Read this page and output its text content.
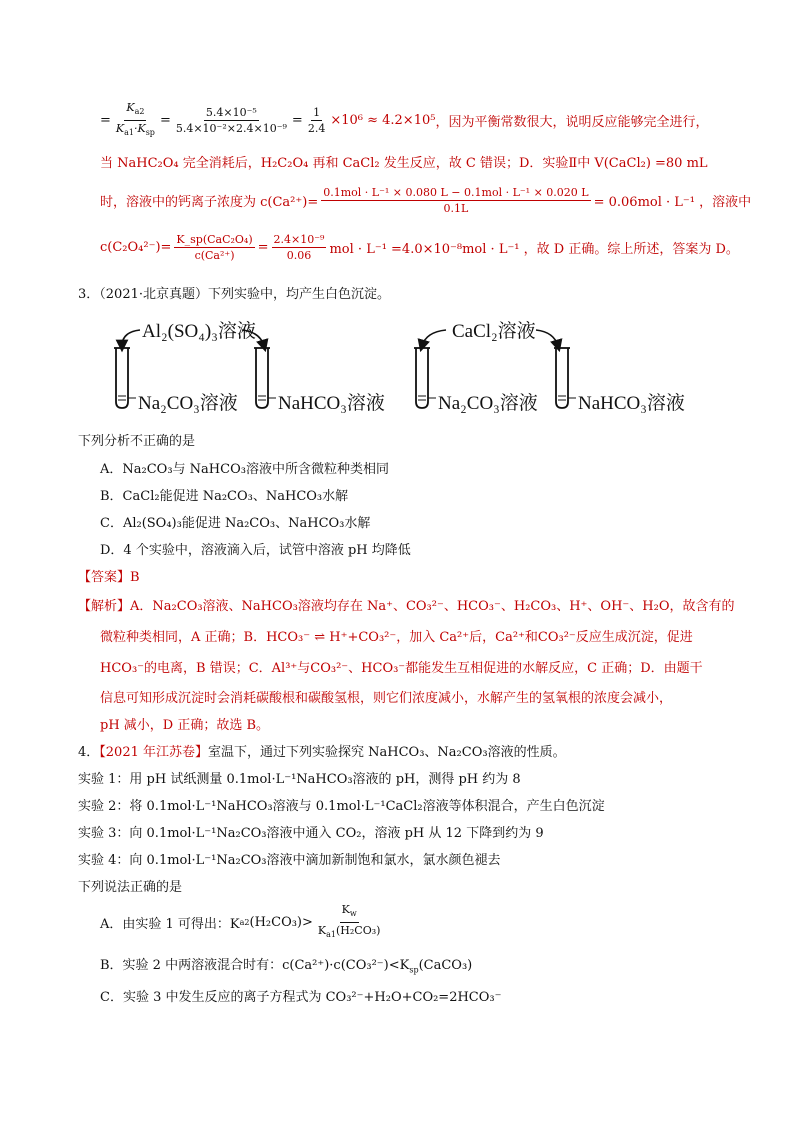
= $\frac{K_{a2}}{K_{a1}\cdot K_{sp}} = \frac{\text{5.4×10⁻⁵}}{\text{5.4×10⁻²×2.4×10⁻⁹}} = \frac{1}{2.4} \times 10^6 \approx 4.2\times 10^5$ ，因为平衡常数很大，说明反应能够完全进行，
当 NaHC₂O₄ 完全消耗后，H₂C₂O₄ 再和 CaCl₂ 发生反应，故 C 错误；D．实验Ⅱ中 V(CaCl₂) =80 mL
时，溶液中的钙离子浓度为 $c(Ca^{2+})= \frac{\text{0.1mol · L⁻¹ × 0.080 L − 0.1mol · L⁻¹ × 0.020 L}}{0.1L} = 0.06mol \cdot L^{-1}$ ，溶液中
$c(C_2O_4^{2-})= \frac{\text{K\_sp(CaC₂O₄)}}{\text{c(Ca²⁺)}} = \frac{\text{2.4×10⁻⁹}}{0.06}$ mol · L⁻¹ =4.0×10⁻⁸mol · L⁻¹ ，故 D 正确。综上所述，答案为 D。
3．（2021·北京真题）下列实验中，均产生白色沉淀。
Al₂(SO₄)₃溶液	CaCl₂溶液
Na₂CO₃溶液 NaHCO₃溶液	Na₂CO₃溶液 NaHCO₃溶液
下列分析不正确的是
A．Na₂CO₃与 NaHCO₃溶液中所含微粒种类相同
B．CaCl₂能促进 Na₂CO₃、NaHCO₃水解
C．Al₂(SO₄)₃能促进 Na₂CO₃、NaHCO₃水解
D．4 个实验中，溶液滴入后，试管中溶液 pH 均降低
【答案】B
【解析】A．Na₂CO₃溶液、NaHCO₃溶液均存在 Na⁺、CO₃²⁻、HCO₃⁻、H₂CO₃、H⁺、OH⁻、H₂O，故含有的
微粒种类相同，A 正确；B．HCO₃⁻ ⇌ H⁺+CO₃²⁻，加入 Ca²⁺后，Ca²⁺和CO₃²⁻反应生成沉淀，促进
HCO₃⁻的电离，B 错误；C．Al³⁺与CO₃²⁻、HCO₃⁻都能发生互相促进的水解反应，C 正确；D．由题干
信息可知形成沉淀时会消耗碳酸根和碳酸氢根，则它们浓度减小，水解产生的氢氧根的浓度会减小，
pH 减小，D 正确；故选 B。
4．【2021 年江苏卷】室温下，通过下列实验探究 NaHCO₃、Na₂CO₃溶液的性质。
实验 1：用 pH 试纸测量 0.1mol·L⁻¹NaHCO₃溶液的 pH，测得 pH 约为 8
实验 2：将 0.1mol·L⁻¹NaHCO₃溶液与 0.1mol·L⁻¹CaCl₂溶液等体积混合，产生白色沉淀
实验 3：向 0.1mol·L⁻¹Na₂CO₃溶液中通入 CO₂，溶液 pH 从 12 下降到约为 9
实验 4：向 0.1mol·L⁻¹Na₂CO₃溶液中滴加新制饱和氯水，氯水颜色褪去
下列说法正确的是
A．由实验 1 可得出：K a2 $(H_2CO_3)> \frac{K_w}{K_{a1}(H_2CO_3)}$
B．实验 2 中两溶液混合时有：$c(Ca^{2+})\cdot c(CO_3^{2-})<K_{sp}(CaCO_3)$
C．实验 3 中发生反应的离子方程式为 CO₃²⁻+H₂O+CO₂=2HCO₃⁻
